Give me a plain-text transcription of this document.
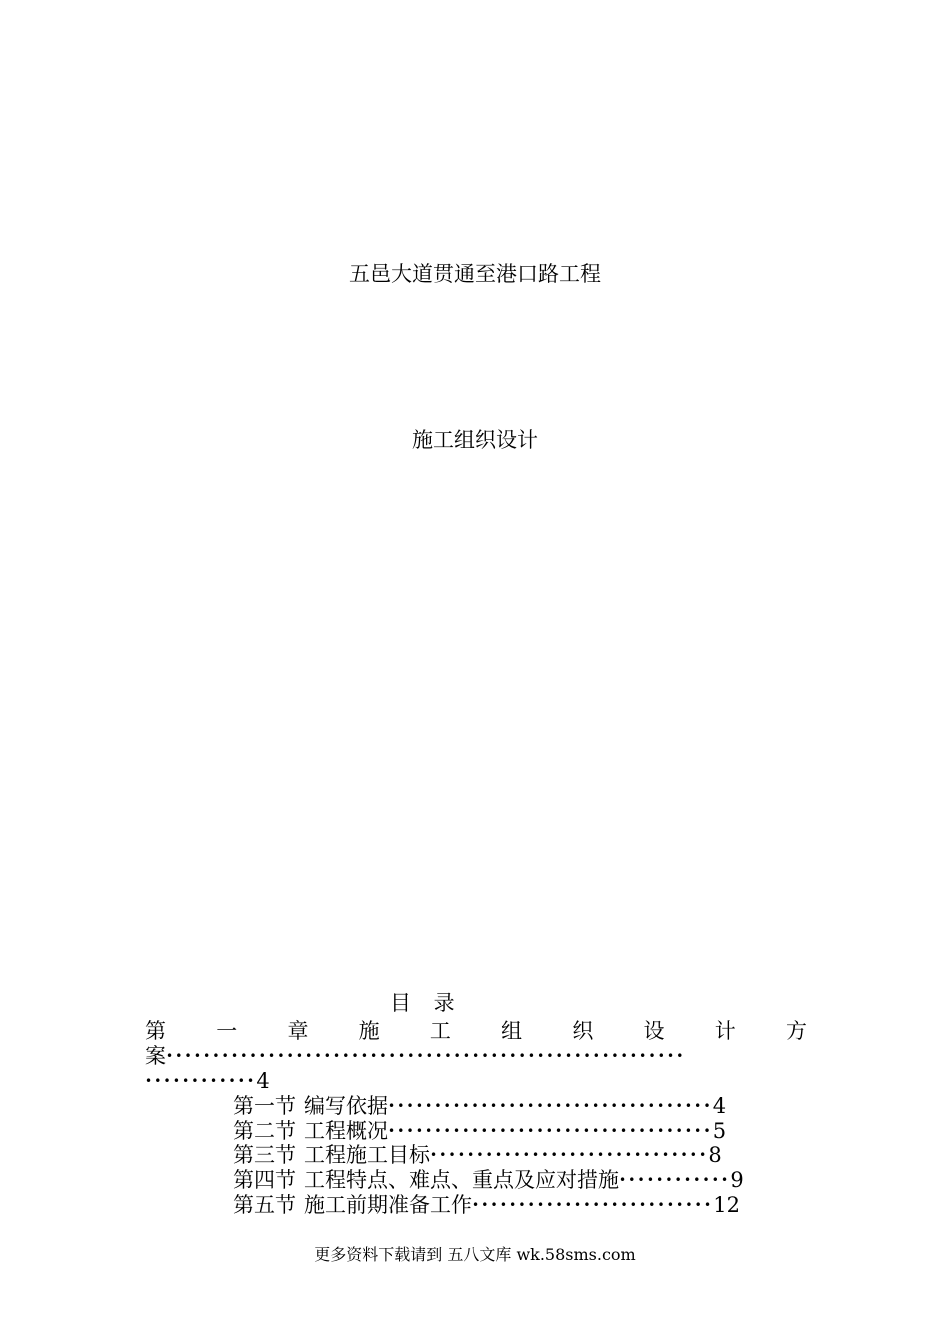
五邑大道贯通至港口路工程
施工组织设计
目 录
第 一 章 施 工 组 织 设 计 方
案••••••••••••••••••••••••••••••••••••••••••••••••••••••••
••••••••••••4
第一节 编写依据•••••••••••••••••••••••••••••••••••4
第二节 工程概况•••••••••••••••••••••••••••••••••••5
第三节 工程施工目标••••••••••••••••••••••••••••••8
第四节 工程特点、难点、重点及应对措施••••••••••••9
第五节 施工前期准备工作••••••••••••••••••••••••••12
更多资料下载请到 五八文库 wk.58sms.com
